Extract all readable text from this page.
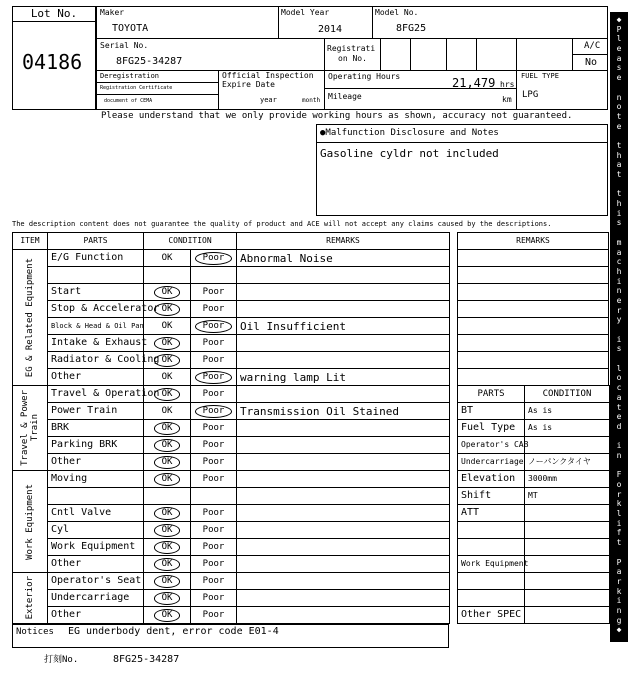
Lot No.
04186
Maker
TOYOTA
Model Year
2014
Model No.
8FG25
Serial No.
8FG25-34287
Registrati
on No.
A/C
No
Deregistration
Registration Certificate
document of CEMA
Official Inspection
Expire Date
year	month
Operating Hours	21,479 hrs
Mileage	km
FUEL TYPE
LPG
Please understand that we only provide working hours as shown, accuracy not guaranteed.
●Malfunction Disclosure and Notes
Gasoline cyldr not included
The description content does not guarantee the quality of product and ACE will not accept any claims caused by the descriptions.
ITEM	PARTS	CONDITION		REMARKS

EG & Related Equipment	E/G Function	OK	Poor	Abnormal Noise

	Start	OK	Poor	
	Stop & Accelerator	OK	Poor	
	Block & Head & Oil Pan	OK	Poor	Oil Insufficient
	Intake & Exhaust	OK	Poor	
	Radiator & Cooling	OK	Poor	
	Other	OK	Poor	warning lamp Lit

Travel & Power Train	Travel & Operation	OK	Poor	
	Power Train	OK	Poor	Transmission Oil Stained
	BRK	OK	Poor	
	Parking BRK	OK	Poor	
	Other	OK	Poor	

Work Equipment	Moving	OK	Poor	

	Cntl Valve	OK	Poor	
	Cyl	OK	Poor	
	Work Equipment	OK	Poor	
	Other	OK	Poor	

Exterior	Operator's Seat	OK	Poor	
	Undercarriage	OK	Poor	
	Other	OK	Poor	
REMARKS

PARTS	CONDITION
BT	As is
Fuel Type	As is
Operator's CAB	
Undercarriage	ノーパンクタイヤ
Elevation	3000mm
Shift	MT
ATT	

Work Equipment	

Other SPEC	
Notices EG underbody dent, error code E01-4
打刻No.	8FG25-34287
◆
P
l
e
a
s
e
n
o
t
e
t
h
a
t
t
h
i
s
m
a
c
h
i
n
e
r
y
i
s
l
o
c
a
t
e
d
i
n
F
o
r
k
l
i
f
t
P
a
r
k
i
n
g
◆
